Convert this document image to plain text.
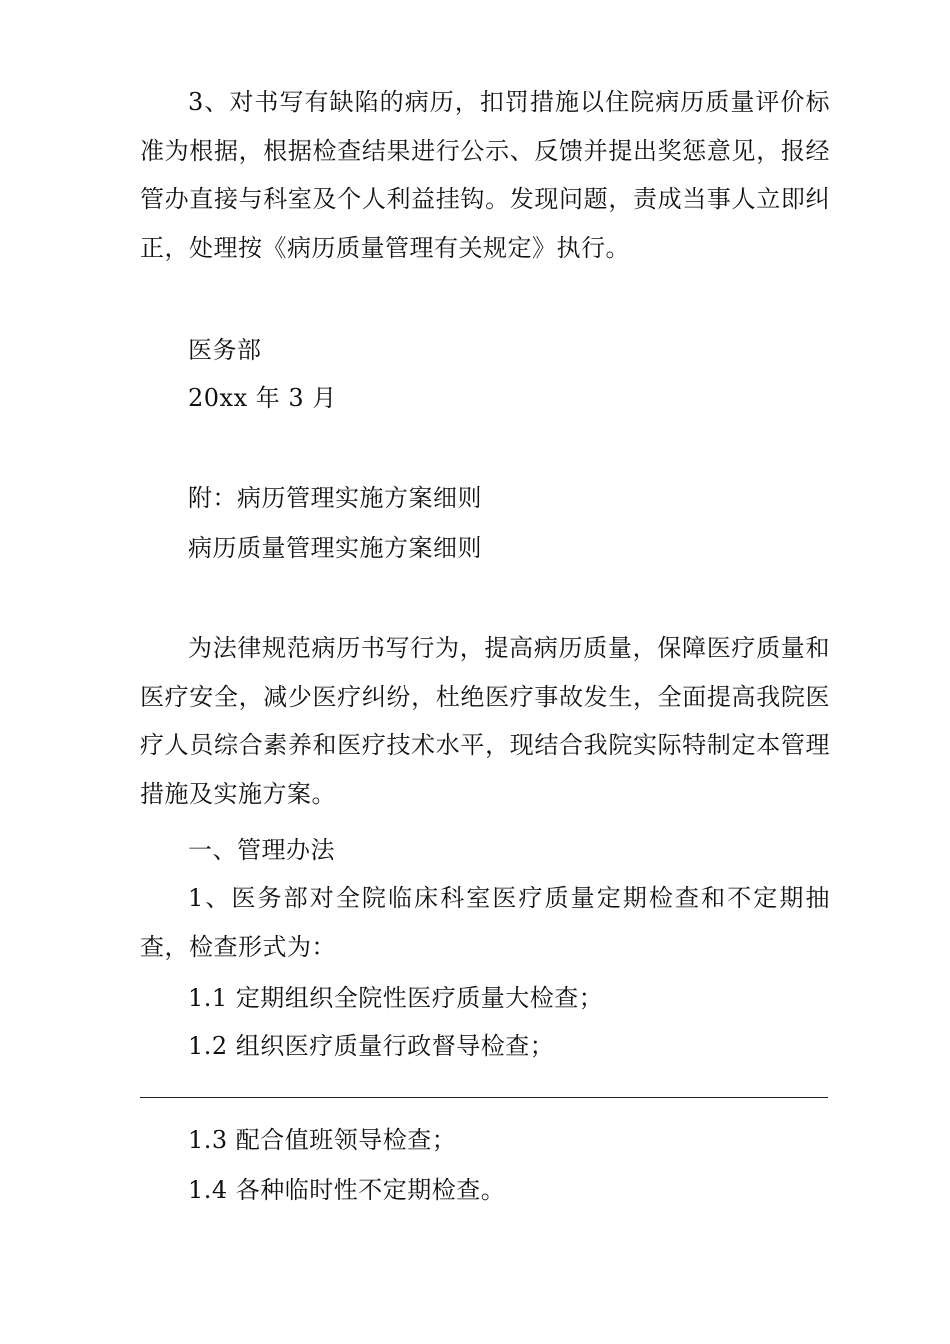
3、对书写有缺陷的病历，扣罚措施以住院病历质量评价标准为根据，根据检查结果进行公示、反馈并提出奖惩意见，报经管办直接与科室及个人利益挂钩。发现问题，责成当事人立即纠正，处理按《病历质量管理有关规定》执行。
医务部
20xx 年 3 月
附：病历管理实施方案细则
病历质量管理实施方案细则
为法律规范病历书写行为，提高病历质量，保障医疗质量和医疗安全，减少医疗纠纷，杜绝医疗事故发生，全面提高我院医疗人员综合素养和医疗技术水平，现结合我院实际特制定本管理措施及实施方案。
一、管理办法
1、医务部对全院临床科室医疗质量定期检查和不定期抽查，检查形式为：
1.1 定期组织全院性医疗质量大检查；
1.2 组织医疗质量行政督导检查；
1.3 配合值班领导检查；
1.4 各种临时性不定期检查。
